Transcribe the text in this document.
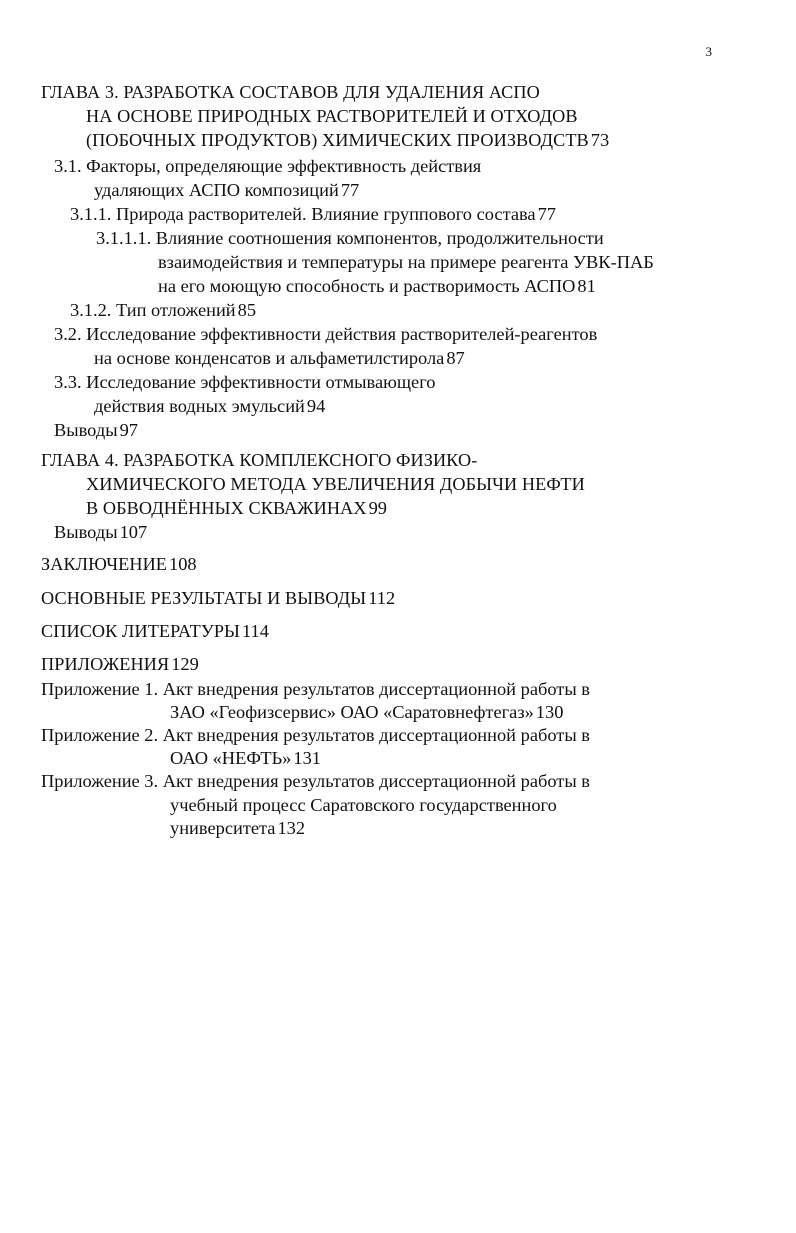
3
ГЛАВА 3. РАЗРАБОТКА СОСТАВОВ ДЛЯ УДАЛЕНИЯ АСПО
НА ОСНОВЕ ПРИРОДНЫХ РАСТВОРИТЕЛЕЙ И ОТХОДОВ
(ПОБОЧНЫХ ПРОДУКТОВ) ХИМИЧЕСКИХ ПРОИЗВОДСТВ 73
3.1. Факторы, определяющие эффективность действия
удаляющих АСПО композиций 77
3.1.1. Природа растворителей. Влияние группового состава 77
3.1.1.1. Влияние соотношения компонентов, продолжительности
взаимодействия и температуры на примере реагента УВК-ПАБ
на его моющую способность и растворимость АСПО 81
3.1.2. Тип отложений 85
3.2. Исследование эффективности действия растворителей-реагентов
на основе конденсатов и альфаметилстирола 87
3.3. Исследование эффективности отмывающего
действия водных эмульсий 94
Выводы 97
ГЛАВА 4. РАЗРАБОТКА КОМПЛЕКСНОГО ФИЗИКО-
ХИМИЧЕСКОГО МЕТОДА УВЕЛИЧЕНИЯ ДОБЫЧИ НЕФТИ
В ОБВОДНЁННЫХ СКВАЖИНАХ 99
Выводы 107
ЗАКЛЮЧЕНИЕ 108
ОСНОВНЫЕ РЕЗУЛЬТАТЫ И ВЫВОДЫ 112
СПИСОК ЛИТЕРАТУРЫ 114
ПРИЛОЖЕНИЯ 129
Приложение 1. Акт внедрения результатов диссертационной работы в
ЗАО «Геофизсервис» ОАО «Саратовнефтегаз» 130
Приложение 2. Акт внедрения результатов диссертационной работы в
ОАО «НЕФТЬ» 131
Приложение 3. Акт внедрения результатов диссертационной работы в
учебный процесс Саратовского государственного
университета 132
